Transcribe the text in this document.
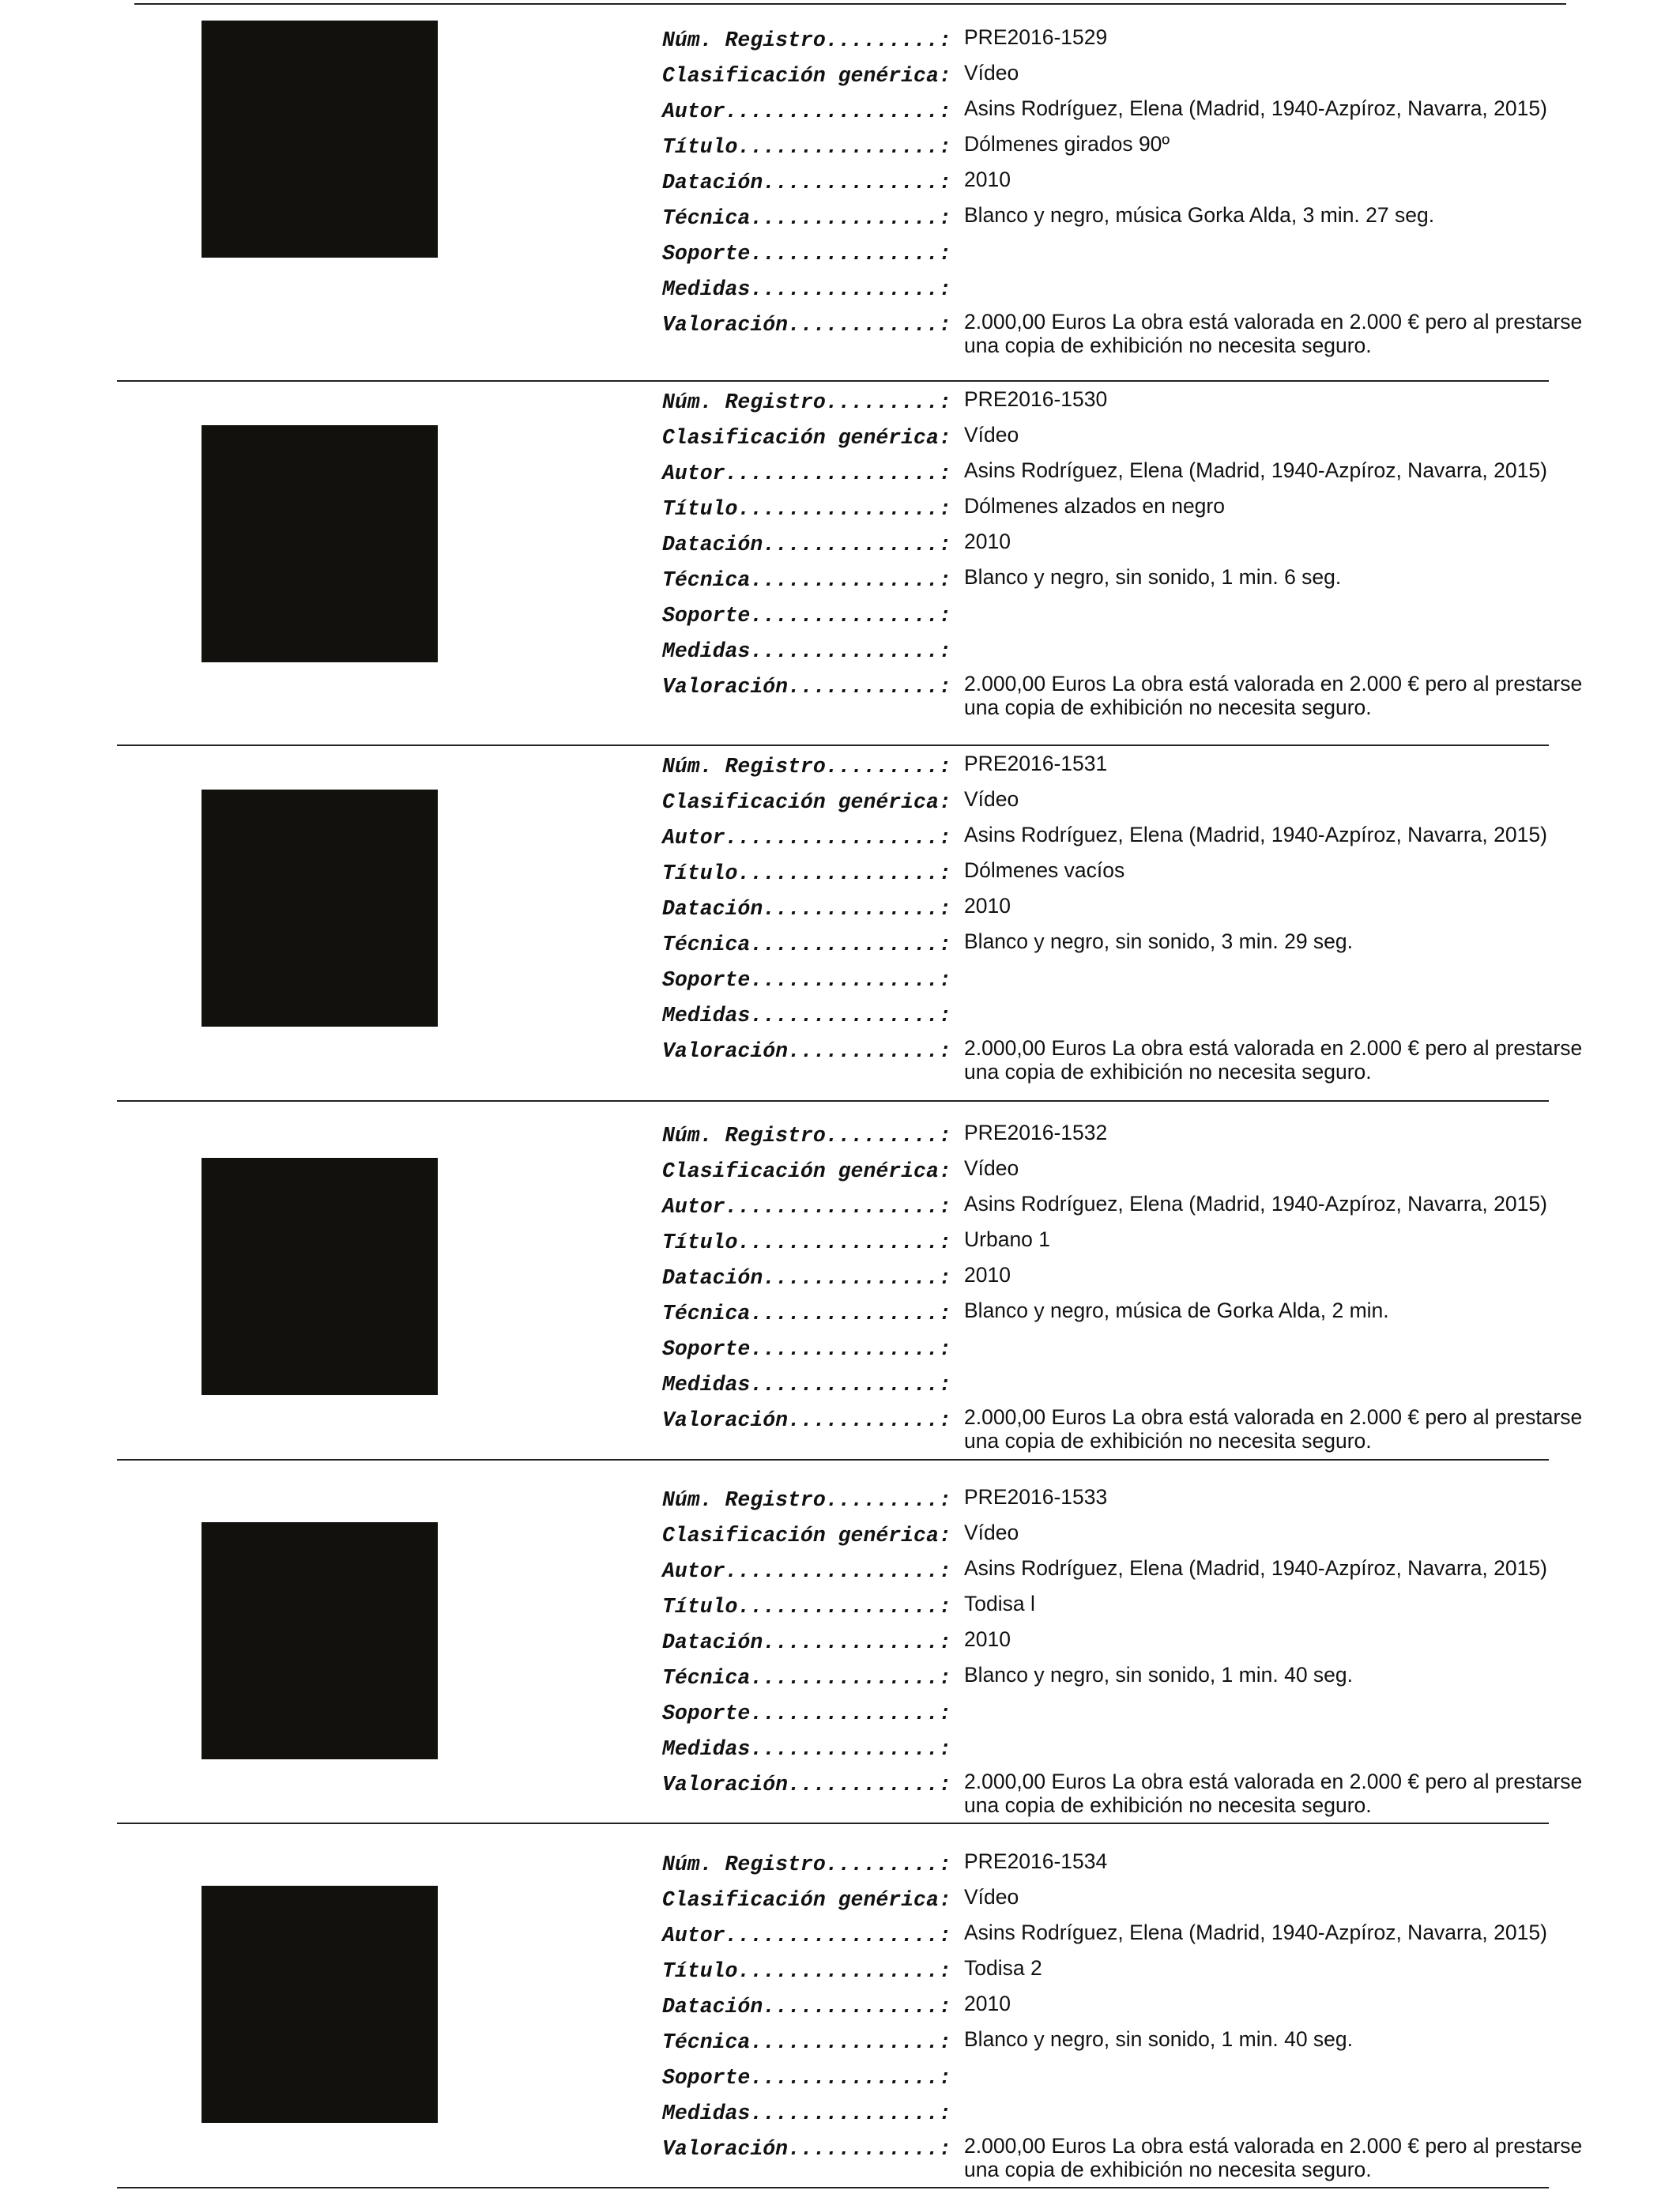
Núm. Registro.........: PRE2016-1529
Clasificación genérica: Vídeo
Autor.................: Asins Rodríguez, Elena (Madrid, 1940-Azpíroz, Navarra, 2015)
Título................: Dólmenes girados 90º
Datación..............: 2010
Técnica...............: Blanco y negro, música Gorka Alda, 3 min. 27 seg.
Soporte...............:
Medidas...............:
Valoración............: 2.000,00 Euros La obra está valorada en 2.000 € pero al prestarse
una copia de exhibición no necesita seguro.
Núm. Registro.........: PRE2016-1530
Clasificación genérica: Vídeo
Autor.................: Asins Rodríguez, Elena (Madrid, 1940-Azpíroz, Navarra, 2015)
Título................: Dólmenes alzados en negro
Datación..............: 2010
Técnica...............: Blanco y negro, sin sonido, 1 min. 6 seg.
Soporte...............:
Medidas...............:
Valoración............: 2.000,00 Euros La obra está valorada en 2.000 € pero al prestarse
una copia de exhibición no necesita seguro.
Núm. Registro.........: PRE2016-1531
Clasificación genérica: Vídeo
Autor.................: Asins Rodríguez, Elena (Madrid, 1940-Azpíroz, Navarra, 2015)
Título................: Dólmenes vacíos
Datación..............: 2010
Técnica...............: Blanco y negro, sin sonido, 3 min. 29 seg.
Soporte...............:
Medidas...............:
Valoración............: 2.000,00 Euros La obra está valorada en 2.000 € pero al prestarse
una copia de exhibición no necesita seguro.
Núm. Registro.........: PRE2016-1532
Clasificación genérica: Vídeo
Autor.................: Asins Rodríguez, Elena (Madrid, 1940-Azpíroz, Navarra, 2015)
Título................: Urbano 1
Datación..............: 2010
Técnica...............: Blanco y negro, música de Gorka Alda, 2 min.
Soporte...............:
Medidas...............:
Valoración............: 2.000,00 Euros La obra está valorada en 2.000 € pero al prestarse
una copia de exhibición no necesita seguro.
Núm. Registro.........: PRE2016-1533
Clasificación genérica: Vídeo
Autor.................: Asins Rodríguez, Elena (Madrid, 1940-Azpíroz, Navarra, 2015)
Título................: Todisa l
Datación..............: 2010
Técnica...............: Blanco y negro, sin sonido, 1 min. 40 seg.
Soporte...............:
Medidas...............:
Valoración............: 2.000,00 Euros La obra está valorada en 2.000 € pero al prestarse
una copia de exhibición no necesita seguro.
Núm. Registro.........: PRE2016-1534
Clasificación genérica: Vídeo
Autor.................: Asins Rodríguez, Elena (Madrid, 1940-Azpíroz, Navarra, 2015)
Título................: Todisa 2
Datación..............: 2010
Técnica...............: Blanco y negro, sin sonido, 1 min. 40 seg.
Soporte...............:
Medidas...............:
Valoración............: 2.000,00 Euros La obra está valorada en 2.000 € pero al prestarse
una copia de exhibición no necesita seguro.
